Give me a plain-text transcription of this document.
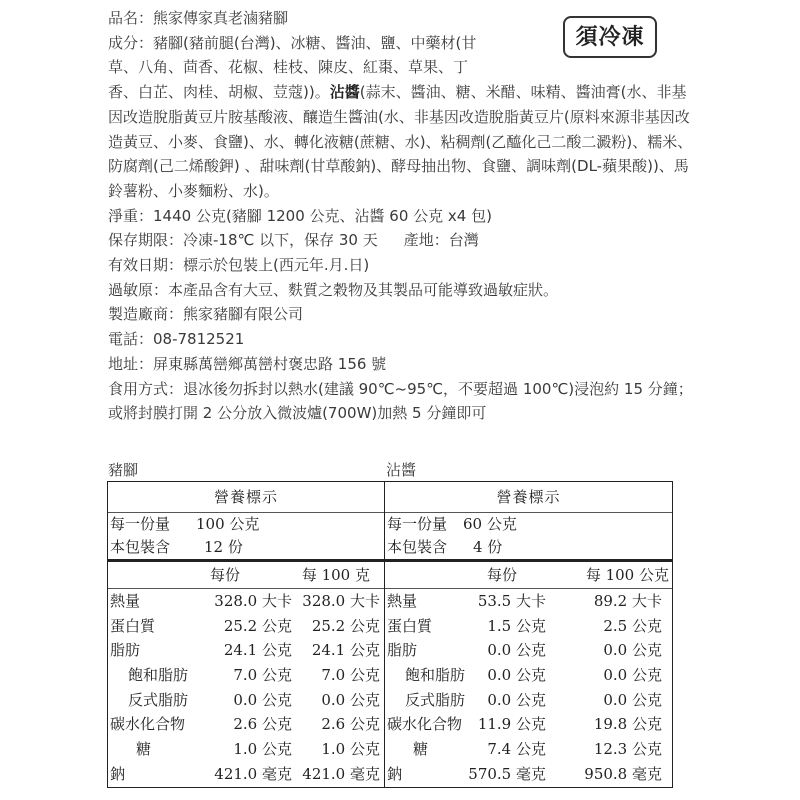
品名：熊家傳家真老滷豬腳
成分：豬腳(豬前腿(台灣)、冰糖、醬油、鹽、中藥材(甘
草、八角、茴香、花椒、桂枝、陳皮、紅棗、草果、丁
香、白芷、肉桂、胡椒、荳蔻))。沾醬(蒜末、醬油、糖、米醋、味精、醬油膏(水、非基因改造脫脂黃豆片胺基酸液、釀造生醬油(水、非基因改造脫脂黃豆片(原料來源非基因改造黃豆、小麥、食鹽)、水、轉化液糖(蔗糖、水)、粘稠劑(乙醯化己二酸二澱粉)、糯米、防腐劑(己二烯酸鉀) 、甜味劑(甘草酸鈉)、酵母抽出物、食鹽、調味劑(DL-蘋果酸))、馬鈴薯粉、小麥麵粉、水)。
淨重：1440 公克(豬腳 1200 公克、沾醬 60 公克 x4 包)
保存期限：冷凍-18℃ 以下，保存 30 天 產地：台灣
有效日期：標示於包裝上(西元年.月.日)
過敏原：本產品含有大豆、麩質之穀物及其製品可能導致過敏症狀。
製造廠商：熊家豬腳有限公司
電話：08-7812521
地址：屏東縣萬巒鄉萬巒村褒忠路 156 號
食用方式：退冰後勿拆封以熱水(建議 90℃~95℃，不要超過 100℃)浸泡約 15 分鐘；或將封膜打開 2 公分放入微波爐(700W)加熱 5 分鐘即可
須冷凍
豬腳
營養標示
每一份量 100 公克
本包裝含 12 份
每份	每 100 克
熱量	328.0 大卡 328.0 大卡
蛋白質	25.2 公克 25.2 公克
脂肪	24.1 公克 24.1 公克
飽和脂肪	7.0 公克 7.0 公克
反式脂肪	0.0 公克 0.0 公克
碳水化合物	2.6 公克 2.6 公克
糖	1.0 公克 1.0 公克
鈉	421.0 毫克 421.0 毫克
沾醬
營養標示
每一份量 60 公克
本包裝含 4 份
每份	每 100 公克
熱量	53.5 大卡	89.2 大卡
蛋白質	1.5 公克	2.5 公克
脂肪	0.0 公克	0.0 公克
飽和脂肪 0.0 公克	0.0 公克
反式脂肪 0.0 公克	0.0 公克
碳水化合物 11.9 公克	19.8 公克
糖	7.4 公克	12.3 公克
鈉	570.5 毫克	950.8 毫克
